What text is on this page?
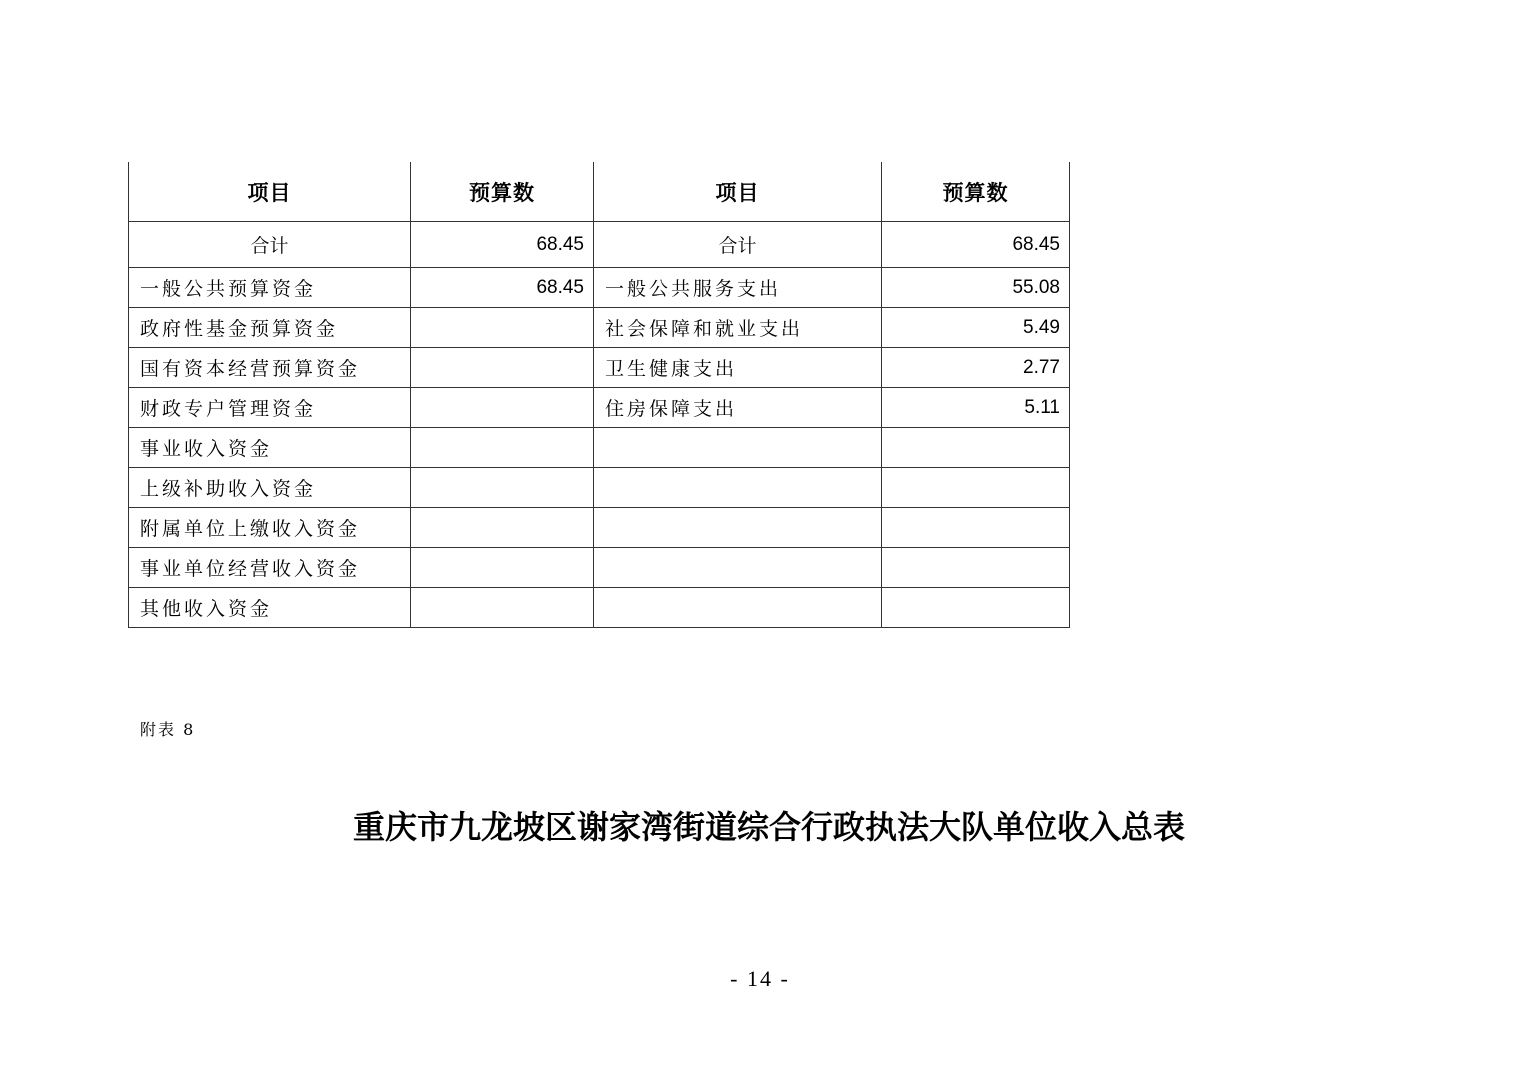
项目	预算数	项目	预算数
合计	68.45	合计	68.45
一般公共预算资金	68.45	一般公共服务支出	55.08
政府性基金预算资金		社会保障和就业支出	5.49
国有资本经营预算资金		卫生健康支出	2.77
财政专户管理资金		住房保障支出	5.11
事业收入资金			
上级补助收入资金			
附属单位上缴收入资金			
事业单位经营收入资金			
其他收入资金			
附表 8
重庆市九龙坡区谢家湾街道综合行政执法大队单位收入总表
- 14 -
